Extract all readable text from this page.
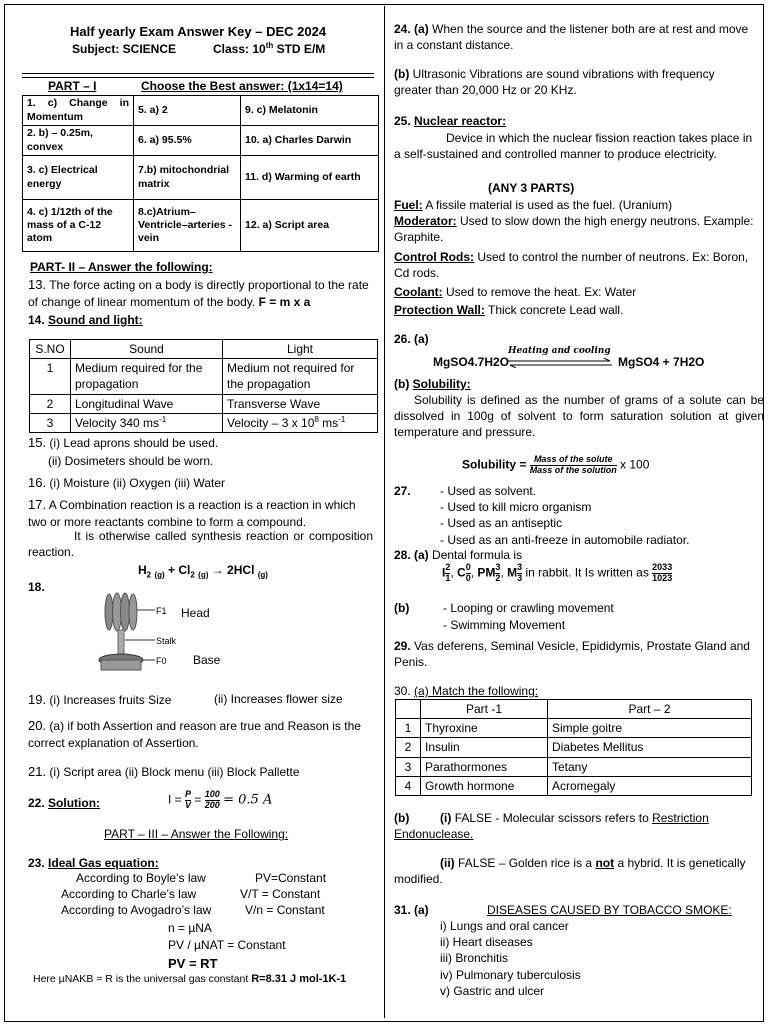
Half yearly Exam Answer Key – DEC 2024
Subject: SCIENCE	Class: 10th STD E/M
PART – I	Choose the Best answer: (1x14=14)
1. c) Change in Momentum	5. a) 2	9. c) Melatonin
2. b) – 0.25m, convex	6. a) 95.5%	10. a) Charles Darwin
3. c) Electrical energy	7.b) mitochondrial matrix	11. d) Warming of earth
4. c) 1/12th of the mass of a C-12 atom	8.c)Atrium–Ventricle–arteries - vein	12. a) Script area
PART- II – Answer the following:
13. The force acting on a body is directly proportional to the rate of change of linear momentum of the body. F = m x a
14. Sound and light:
S.NO	Sound	Light
1	Medium required for the propagation	Medium not required for the propagation
2	Longitudinal Wave	Transverse Wave
3	Velocity 340 $ms^{-1}$	Velocity – 3 x $10^8$ $ms^{-1}$
15. (i) Lead aprons should be used.
(ii) Dosimeters should be worn.
16. (i) Moisture (ii) Oxygen (iii) Water
17. A Combination reaction is a reaction is a reaction in which two or more reactants combine to form a compound.
It is otherwise called synthesis reaction or composition reaction.
$H_2$ $_{(g)} + Cl_2$ $_{(g)}$ → 2HCl $_{(g)}$
18.
F1
Stalk
F0
Head
Base
19. (i) Increases fruits Size	(ii) Increases flower size
20. (a) if both Assertion and reason are true and Reason is the correct explanation of Assertion.
21. (i) Script area (ii) Block menu (iii) Block Pallette
22. Solution:	$I = \frac{P}{V} = \frac{100}{200} = 0.5$ A
PART – III – Answer the Following:
23. Ideal Gas equation:
According to Boyle’s law	PV=Constant
According to Charle’s law	V/T = Constant
According to Avogadro’s law	V/n = Constant
n = µNA
PV / µNAT = Constant
PV = RT
Here µNAKB = R is the universal gas constant R=8.31 J mol-1K-1
24. (a) When the source and the listener both are at rest and move in a constant distance.
(b) Ultrasonic Vibrations are sound vibrations with frequency greater than 20,000 Hz or 20 KHz.
25. Nuclear reactor:
Device in which the nuclear fission reaction takes place in a self-sustained and controlled manner to produce electricity.
(ANY 3 PARTS)
Fuel: A fissile material is used as the fuel. (Uranium)
Moderator: Used to slow down the high energy neutrons. Example: Graphite.
Control Rods: Used to control the number of neutrons. Ex: Boron, Cd rods.
Coolant: Used to remove the heat. Ex: Water
Protection Wall: Thick concrete Lead wall.
26. (a)
MgSO4.7H2O
Heating and cooling
MgSO4 + 7H2O
(b) Solubility:
Solubility is defined as the number of grams of a solute can be dissolved in 100g of solvent to form saturation solution at given temperature and pressure.
Solubility = $\frac{\text{Mass of the solute}}{\text{Mass of the solution}}$ x 100
27. - Used as solvent.
- Used to kill micro organism
- Used as an antiseptic
- Used as an anti-freeze in automobile radiator.
28. (a) Dental formula is
I $\frac{2}{1}$ , C $\frac{0}{0}$ , PM $\frac{3}{2}$ , M $\frac{3}{3}$ in rabbit. It Is written as $\frac{2033}{1023}$
(b)	- Looping or crawling movement
- Swimming Movement
29. Vas deferens, Seminal Vesicle, Epididymis, Prostate Gland and Penis.
30. (a) Match the following:
	Part -1	Part – 2
1	Thyroxine	Simple goitre
2	Insulin	Diabetes Mellitus
3	Parathormones	Tetany
4	Growth hormone	Acromegaly
(b)	(i) FALSE - Molecular scissors refers to Restriction Endonuclease.
(ii) FALSE – Golden rice is a not a hybrid. It is genetically modified.
31. (a)	DISEASES CAUSED BY TOBACCO SMOKE:
i) Lungs and oral cancer
ii) Heart diseases
iii) Bronchitis
iv) Pulmonary tuberculosis
v) Gastric and ulcer
